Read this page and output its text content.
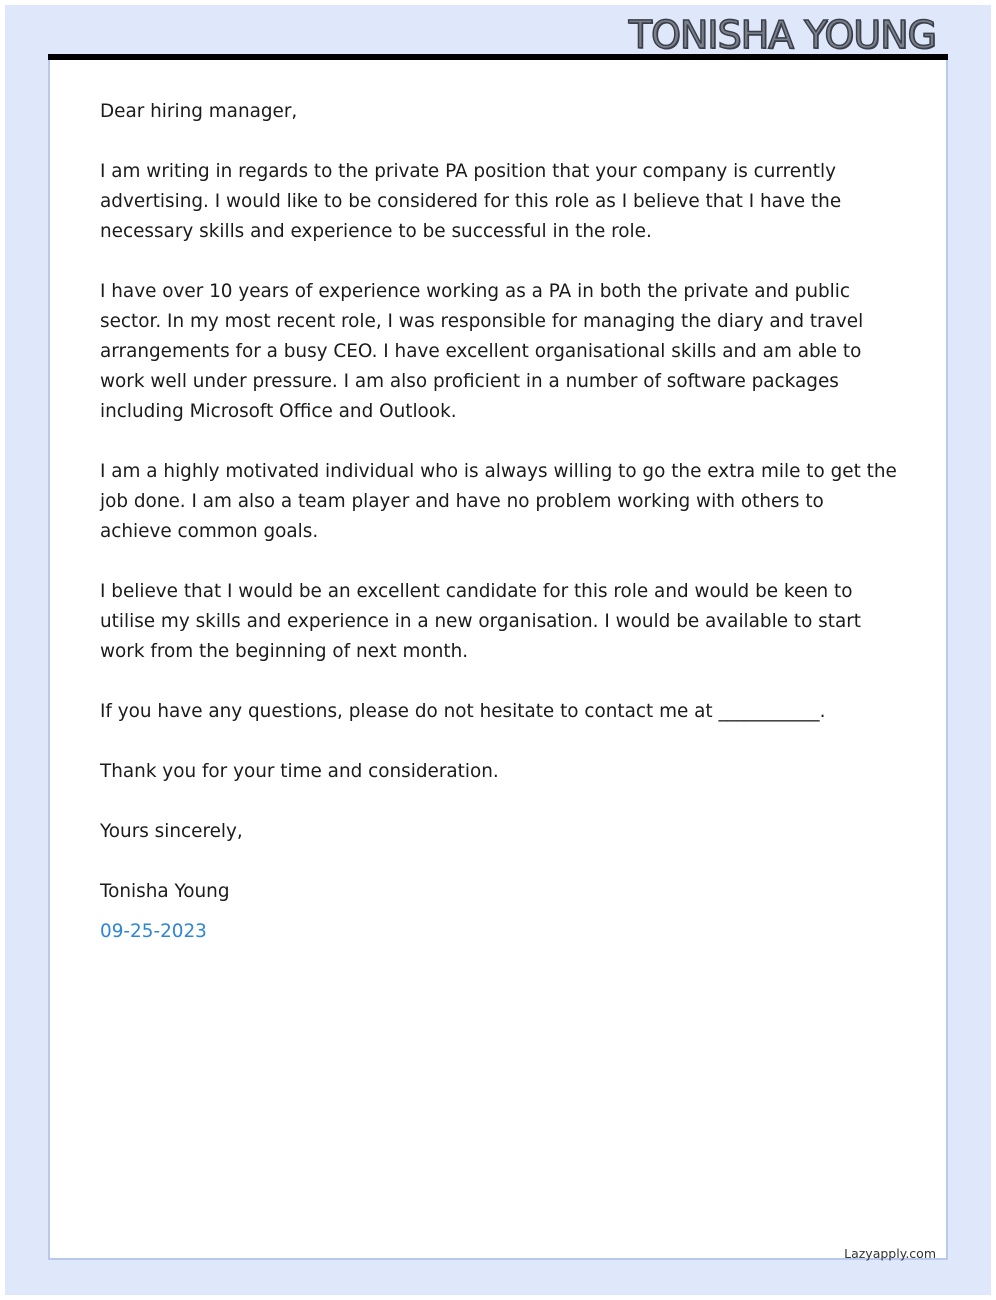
TONISHA YOUNG

Dear hiring manager,

I am writing in regards to the private PA position that your company is currently advertising. I would like to be considered for this role as I believe that I have the necessary skills and experience to be successful in the role.

I have over 10 years of experience working as a PA in both the private and public sector. In my most recent role, I was responsible for managing the diary and travel arrangements for a busy CEO. I have excellent organisational skills and am able to work well under pressure. I am also proficient in a number of software packages including Microsoft Office and Outlook.

I am a highly motivated individual who is always willing to go the extra mile to get the job done. I am also a team player and have no problem working with others to achieve common goals.

I believe that I would be an excellent candidate for this role and would be keen to utilise my skills and experience in a new organisation. I would be available to start work from the beginning of next month.

If you have any questions, please do not hesitate to contact me at ___________.

Thank you for your time and consideration.

Yours sincerely,

Tonisha Young

09-25-2023

Lazyapply.com
